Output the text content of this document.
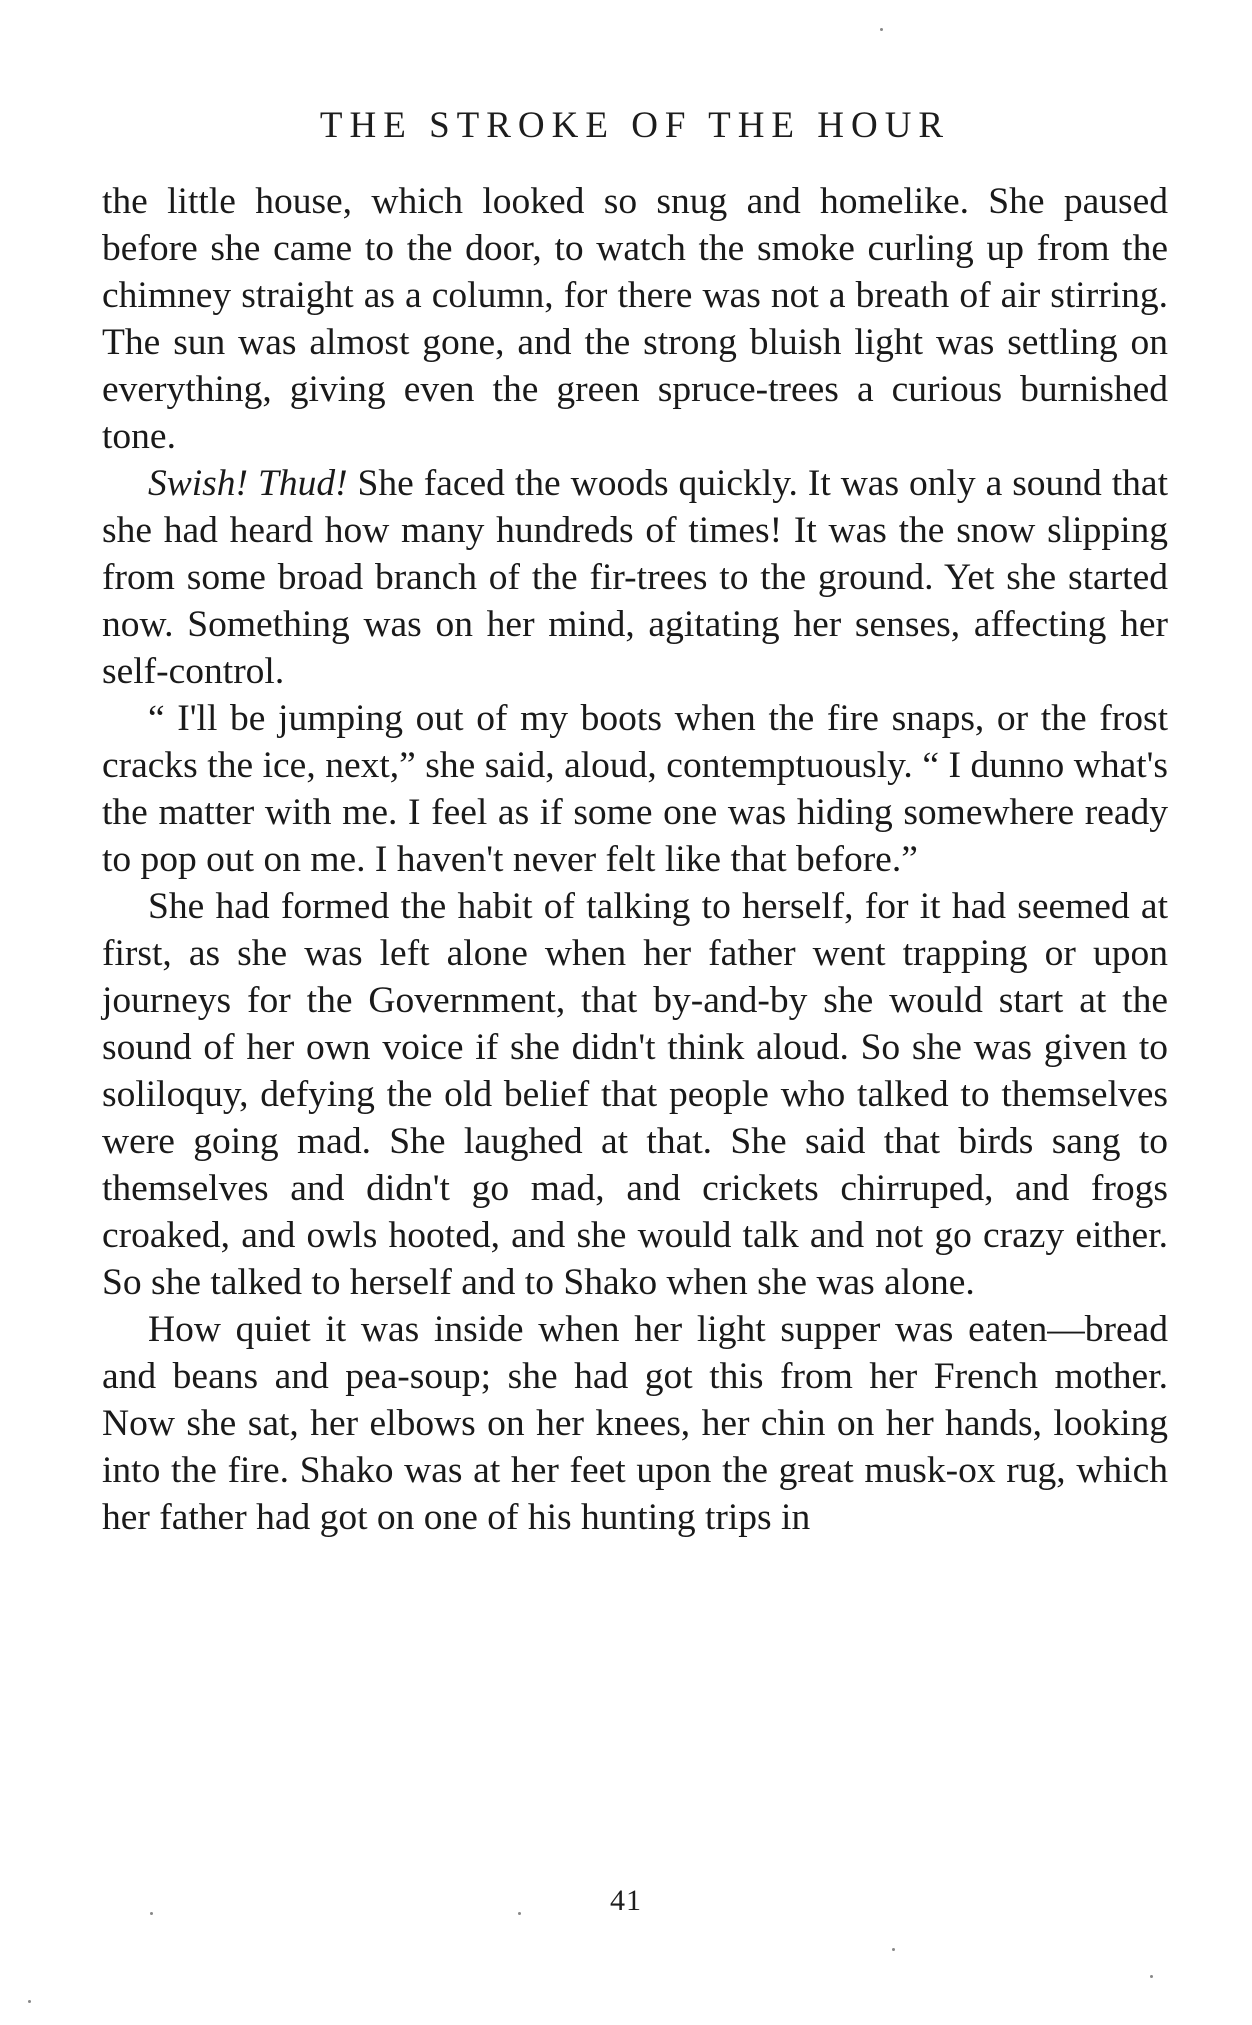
THE STROKE OF THE HOUR

the little house, which looked so snug and homelike. She paused before she came to the door, to watch the smoke curling up from the chimney straight as a column, for there was not a breath of air stirring. The sun was almost gone, and the strong bluish light was settling on everything, giving even the green spruce-trees a curious burnished tone.

Swish! Thud! She faced the woods quickly. It was only a sound that she had heard how many hundreds of times! It was the snow slipping from some broad branch of the fir-trees to the ground. Yet she started now. Something was on her mind, agitating her senses, affecting her self-control.

“ I'll be jumping out of my boots when the fire snaps, or the frost cracks the ice, next,” she said, aloud, contemptuously. “ I dunno what's the matter with me. I feel as if some one was hiding somewhere ready to pop out on me. I haven't never felt like that before.”

She had formed the habit of talking to herself, for it had seemed at first, as she was left alone when her father went trapping or upon journeys for the Government, that by-and-by she would start at the sound of her own voice if she didn't think aloud. So she was given to soliloquy, defying the old belief that people who talked to themselves were going mad. She laughed at that. She said that birds sang to themselves and didn't go mad, and crickets chirruped, and frogs croaked, and owls hooted, and she would talk and not go crazy either. So she talked to herself and to Shako when she was alone.

How quiet it was inside when her light supper was eaten—bread and beans and pea-soup; she had got this from her French mother. Now she sat, her elbows on her knees, her chin on her hands, looking into the fire. Shako was at her feet upon the great musk-ox rug, which her father had got on one of his hunting trips in

41
